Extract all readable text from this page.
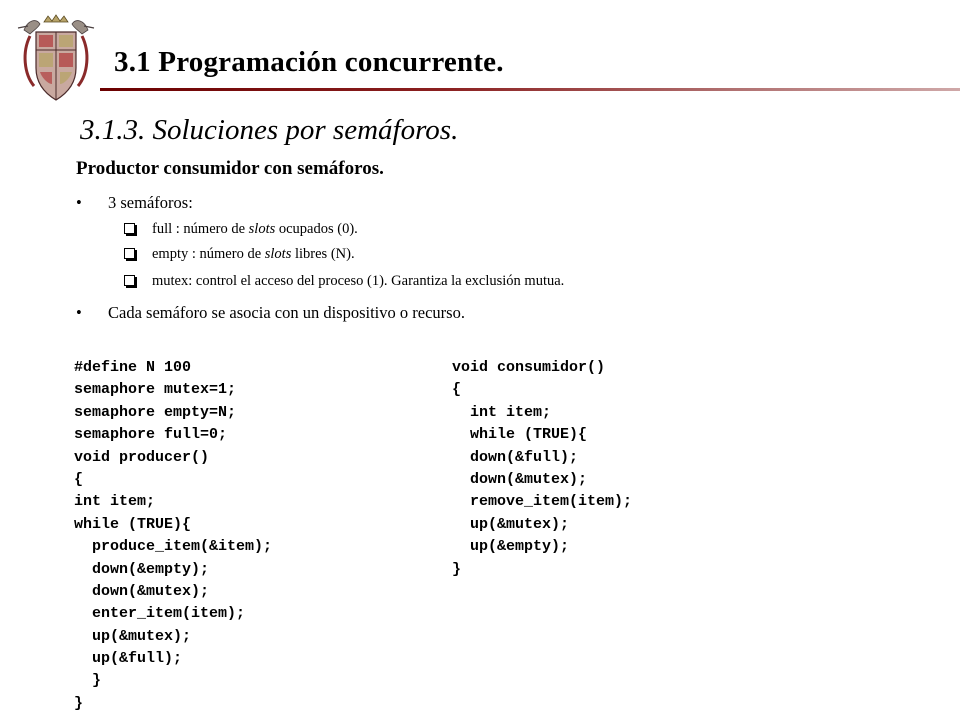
3.1 Programación concurrente.
3.1.3. Soluciones por semáforos.
Productor consumidor con semáforos.
• 3 semáforos:
full : número de slots ocupados (0).
empty : número de slots libres (N).
mutex: control el acceso del proceso (1). Garantiza la exclusión mutua.
• Cada semáforo se asocia con un dispositivo o recurso.
#define N 100
semaphore mutex=1;
semaphore empty=N;
semaphore full=0;
void producer()
{
int item;
while (TRUE){
produce_item(&item);
down(&empty);
down(&mutex);
enter_item(item);
up(&mutex);
up(&full);
}
}
void consumidor()
{
int item;
while (TRUE){
down(&full);
down(&mutex);
remove_item(item);
up(&mutex);
up(&empty);
}
